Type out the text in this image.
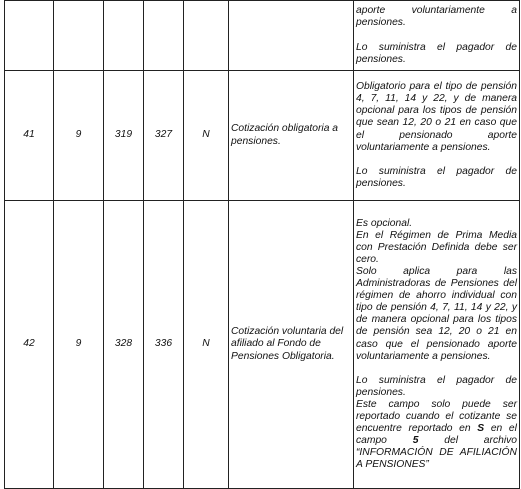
						aporte voluntariamente a pensiones.

Lo suministra el pagador de pensiones.

41	9	319	327	N	Cotización obligatoria a pensiones.	Obligatorio para el tipo de pensión 4, 7, 11, 14 y 22, y de manera opcional para los tipos de pensión que sean 12, 20 o 21 en caso que el pensionado aporte voluntariamente a pensiones.

Lo suministra el pagador de pensiones.

42	9	328	336	N	Cotización voluntaria del afiliado al Fondo de Pensiones Obligatoria.	Es opcional.

En el Régimen de Prima Media con Prestación Definida debe ser cero.

Solo aplica para las Administradoras de Pensiones del régimen de ahorro individual con tipo de pensión 4, 7, 11, 14 y 22, y de manera opcional para los tipos de pensión sea 12, 20 o 21 en caso que el pensionado aporte voluntariamente a pensiones.

Lo suministra el pagador de pensiones.

Este campo solo puede ser reportado cuando el cotizante se encuentre reportado en S en el campo 5 del archivo “INFORMACIÓN DE AFILIACIÓN A PENSIONES”
